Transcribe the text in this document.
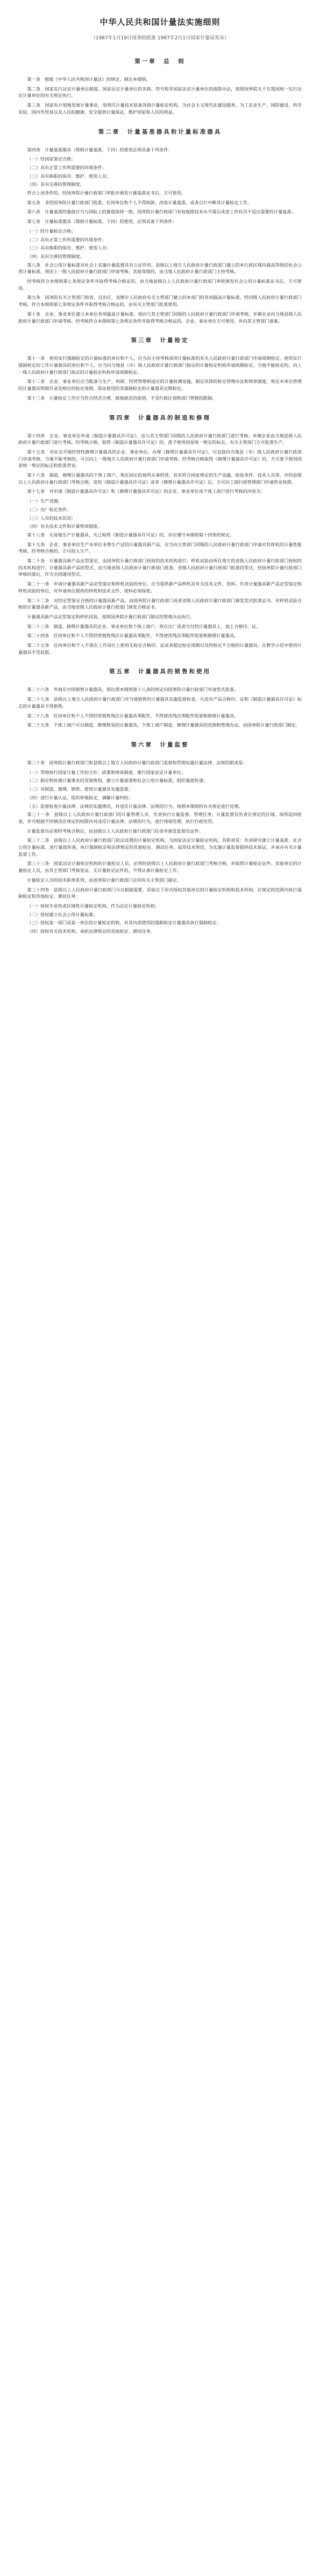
中华人民共和国计量法实施细则
（1987年1月19日国务院批准 1987年2月1日国家计量局发布）
第一章　总　则

第一条　根据《中华人民共和国计量法》的规定，制定本细则。

第二条　国家实行法定计量单位制度。国家法定计量单位的名称、符号和非国家法定计量单位的废除办法，按照国务院关于在我国统一实行法定计量单位的有关规定执行。

第三条　国家有计划地发展计量事业，用现代计量技术装备各级计量检定机构，为社会主义现代化建设服务，为工农业生产、国防建设、科学实验、国内外贸易以及人民的健康、安全提供计量保证，维护国家和人民的利益。

第二章　计量基准器具和计量标准器具

第四条　计量基准器具（简称计量基准，下同）的使用必须具备下列条件：

（一）经国家鉴定合格；

（二）具有正常工作所需要的环境条件；

（三）具有称职的保存、维护、使用人员；

（四）具有完善的管理制度。

符合上述条件的，经国务院计量行政部门审批并颁发计量基准证书后，方可使用。

第五条　非经国务院计量行政部门批准，任何单位和个人不得拆卸、改装计量基准，或者自行中断其计量检定工作。

第六条　计量基准的量值应当与国际上的量值保持一致。国务院计量行政部门有权废除技术水平落后或者工作状况不适应需要的计量基准。

第七条　计量标准器具（简称计量标准，下同）的使用，必须具备下列条件：

（一）经计量检定合格；

（二）具有正常工作所需要的环境条件；

（三）具有称职的保存、维护、使用人员；

（四）具有完善的管理制度。

第八条　社会公用计量标准对社会上实施计量监督具有公证作用。县级以上地方人民政府计量行政部门建立的本行政区域内最高等级的社会公用计量标准，须向上一级人民政府计量行政部门申请考核；其他等级的，由当地人民政府计量行政部门主持考核。

经考核符合本细则第七条规定条件并取得考核合格证的，由当地县级以上人民政府计量行政部门审批颁发社会公用计量标准证书后，方可使用。

第九条　国务院有关主管部门和省、自治区、直辖市人民政府有关主管部门建立的本部门的各项最高计量标准，经同级人民政府计量行政部门考核，符合本细则第七条规定条件并取得考核合格证的，由有关主管部门批准使用。

第十条　企业、事业单位建立本单位各项最高计量标准，须向与其主管部门同级的人民政府计量行政部门申请考核。乡镇企业向当地县级人民政府计量行政部门申请考核。经考核符合本细则第七条规定条件并取得考核合格证的，企业、事业单位方可使用，并向其主管部门备案。

第三章　计量检定

第十一条　使用实行强制检定的计量标准的单位和个人，应当向主持考核该项计量标准的有关人民政府计量行政部门申请周期检定。使用实行强制检定的工作计量器具的单位和个人，应当向当地县（市）级人民政府计量行政部门指定的计量检定机构申请周期检定。当地不能检定的，向上一级人民政府计量行政部门指定的计量检定机构申请周期检定。

第十二条　企业、事业单位应当配备与生产、科研、经营管理相适应的计量检测设施，制定具体的检定管理办法和规章制度，规定本单位管理的计量器具明细目录及相应的检定周期，保证使用的非强制检定的计量器具定期检定。

第十三条　计量检定工作应当符合经济合理、就地就近的原则，不受行政区划和部门管辖的限制。

第四章　计量器具的制造和修理

第十四条　企业、事业单位申请《制造计量器具许可证》，由与其主管部门同级的人民政府计量行政部门进行考核；乡镇企业由当地县级人民政府计量行政部门进行考核。经考核合格，取得《制造计量器具许可证》的，准予使用国家统一规定的标志，有关主管部门方可批准生产。

第十五条　对社会开展经营性修理计量器具的企业、事业单位，办理《修理计量器具许可证》，可直接向当地县（市）级人民政府计量行政部门申请考核。当地不能考核的，可以向上一级地方人民政府计量行政部门申请考核。经考核合格取得《修理计量器具许可证》的，方可准予使用国家统一规定的标志和批准营业。

第十六条　制造、修理计量器具的个体工商户，须在固定的场所从事经营，具有符合国家规定的生产设施、检验条件、技术人员等，并经县级以上人民政府计量行政部门考核合格，发给《制造计量器具许可证》或者《修理计量器具许可证》后，方可向工商行政管理部门申请营业执照。

第十七条　对申请《制造计量器具许可证》和《修理计量器具许可证》的企业、事业单位或个体工商户进行考核的内容为：

（一）生产设施；

（二）出厂检定条件；

（三）人员的技术状况；

（四）有关技术文件和计量规章制度。

第十八条　凡易地生产计量器具，凡已取得《制造计量器具许可证》的，亦应遵守本细则第十四条的规定。

第十九条　企业、事业单位生产本单位未曾生产过的计量器具新产品，应当向主管部门同级的人民政府计量行政部门申请对其样机的计量性能考核。经考核合格的，方可投入生产。

第二十条　计量器具新产品定型鉴定，由国务院计量行政部门授权的技术机构进行；样机试验由所在地方的省级人民政府计量行政部门授权的技术机构进行。计量器具新产品的型式，由当地省级人民政府计量行政部门批准。省级人民政府计量行政部门批准的型式，经国务院计量行政部门审核同意后，作为全国通用型式。

第二十一条　申请计量器具新产品定型鉴定和样机试验的单位，应当提供新产品样机及有关技术文件、资料。负责计量器具新产品定型鉴定和样机试验的单位，对申请单位提供的样机和技术文件、资料必须保密。

第二十二条　对经定型鉴定合格的计量器具新产品，由国务院计量行政部门或者省级人民政府计量行政部门颁发型式批准证书。对样机试验合格的计量器具新产品，由当地省级人民政府计量行政部门颁发合格证书。

计量器具新产品定型鉴定和样机试验，按照国务院计量行政部门制定的管理办法执行。

第二十三条　制造、修理计量器具的企业、事业单位和个体工商户，须在出厂或者交付的计量器具上，加上合格印、证。

第二十四条　任何单位和个人不得经营销售残次计量器具零配件，不得使用残次零配件组装和修理计量器具。

第二十五条　任何单位和个人不准在工作岗位上使用无检定合格印、证或者超过检定周期以及经检定不合格的计量器具。在教学示范中使用计量器具不受此限。

第五章　计量器具的销售和使用

第二十六条　外商在中国销售计量器具，须比照本细则第十八条的规定向国务院计量行政部门申请型式批准。

第二十七条　县级以上地方人民政府计量行政部门对当地销售的计量器具实施监督检查。凡没有产品合格印、证和《制造计量器具许可证》标志的计量器具不得销售。

第二十八条　任何单位和个人不得经营销售残次计量器具零配件，不得使用残次零配件组装和修理计量器具。

第二十九条　个体工商户可以制造、修理简易的计量器具。个体工商户制造、修理计量器具的范围和管理办法，由国务院计量行政部门制定。

第六章　计量监督

第三十条　国务院计量行政部门和县级以上地方人民政府计量行政部门监督和贯彻实施计量法律、法规的职责是：

（一）贯彻执行国家计量工作的方针、政策和规章制度，推行国家法定计量单位；

（二）制定和协调计量事业的发展规划，建立计量基准和社会公用计量标准，组织量值传递；

（三）对制造、修理、销售、使用计量器具实施监督；

（四）进行计量认证，组织仲裁检定，调解计量纠纷；

（五）监督检查计量法律、法规的实施情况，对违反计量法律、法规的行为，按照本细则的有关规定进行处理。

第三十一条　县级以上人民政府计量行政部门的计量管理人员，负责执行计量监督、管理任务；计量监督员负责在规定的区域、场所巡回检查，并可根据不同情况在规定的权限内对违反计量法律、法规的行为，进行现场处理，执行行政处罚。

计量监督员必须经考核合格后，由县级以上人民政府计量行政部门任命并颁发监督员证件。

第三十二条　县级以上人民政府计量行政部门依法设置的计量检定机构，为国家法定计量检定机构。其职责是：负责研究建立计量基准、社会公用计量标准，进行量值传递，执行强制检定和法律规定的其他检定、测试任务，起草技术规范，为实施计量监督提供技术保证，并承办有关计量监督工作。

第三十三条　国家法定计量检定机构的计量检定人员，必须经县级以上人民政府计量行政部门考核合格，并取得计量检定证件。其他单位的计量检定人员，由其主管部门考核发证。无计量检定证件的，不得从事计量检定工作。

计量检定人员的技术职务系列，由国务院计量行政部门会同有关主管部门制定。

第三十四条　县级以上人民政府计量行政部门可以根据需要，采取以下形式授权其他单位的计量检定机构和技术机构，在规定的范围内执行强制检定和其他检定、测试任务：

（一）授权专业性或区域性计量检定机构，作为法定计量检定机构；

（二）授权建立社会公用计量标准；

（三）授权某一部门或某一单位的计量检定机构，对其内部使用的强制检定计量器具执行强制检定；

（四）授权有关技术机构，承担法律规定的其他检定、测试任务。
